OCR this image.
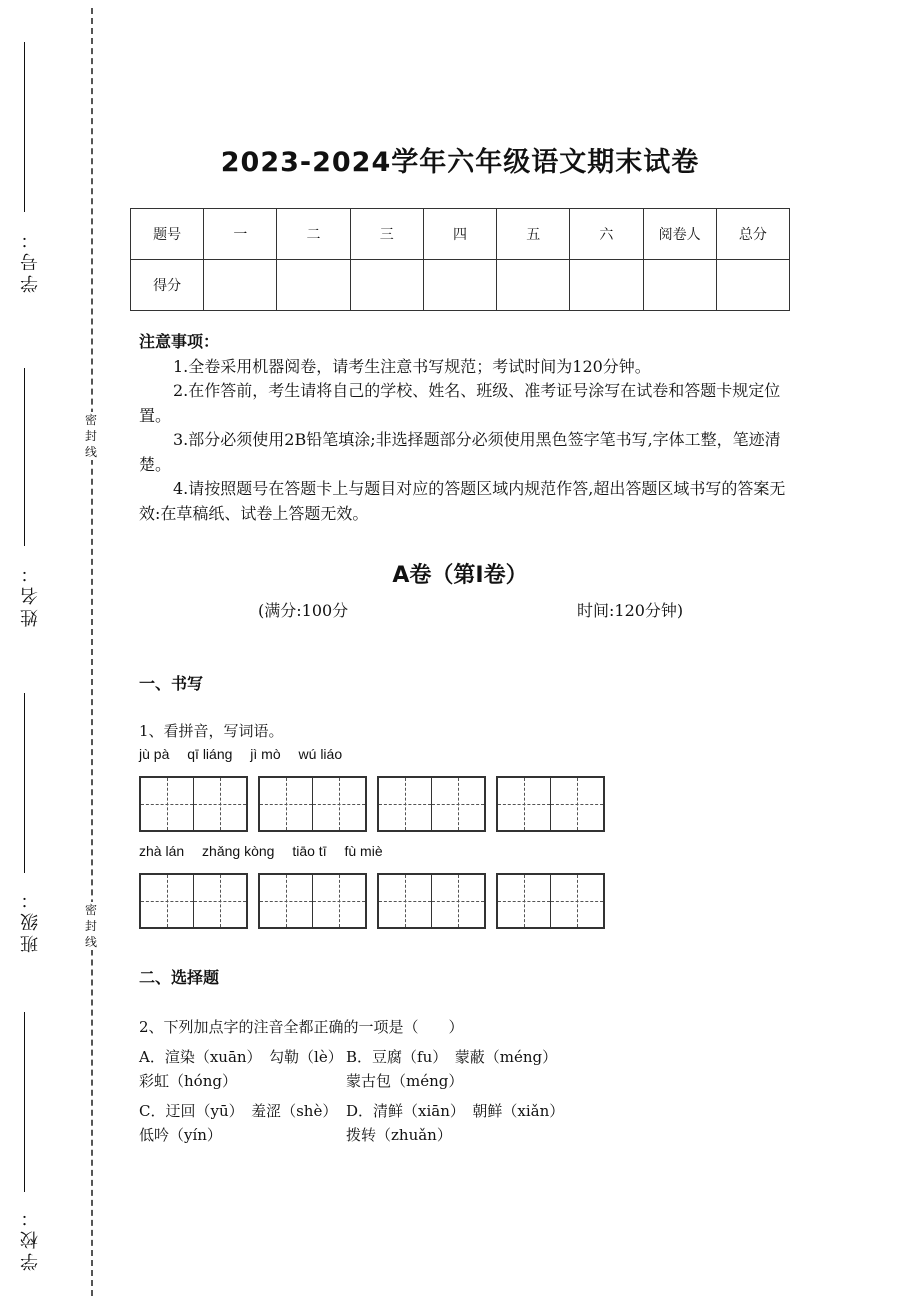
学号：
姓名：
班级：
学校：
密
封
线
密
封
线
2023-2024学年六年级语文期末试卷
题号	一	二	三	四	五	六	阅卷人	总分
得分								
注意事项：

1.全卷采用机器阅卷，请考生注意书写规范；考试时间为120分钟。

2.在作答前，考生请将自己的学校、姓名、班级、准考证号涂写在试卷和答题卡规定位置。

3.部分必须使用2B铅笔填涂;非选择题部分必须使用黑色签字笔书写,字体工整，笔迹清楚。

4.请按照题号在答题卡上与题目对应的答题区域内规范作答,超出答题区域书写的答案无效:在草稿纸、试卷上答题无效。

A卷（第Ⅰ卷）
(满分:100分	时间:120分钟)
一、书写
1、看拼音，写词语。
jù pà qī liáng jì mò wú liáo
zhà lán zhǎng kòng tiāo tī fù miè
二、选择题
2、下列加点字的注音全都正确的一项是（　　）
A．渲染（xuān）　勾勒（lè）
彩虹（hóng）
B．豆腐（fu）　蒙蔽（méng）
蒙古包（méng）
C．迂回（yū）　羞涩（shè）
低吟（yín）
D．清鲜（xiān）　朝鲜（xiǎn）
拨转（zhuǎn）
